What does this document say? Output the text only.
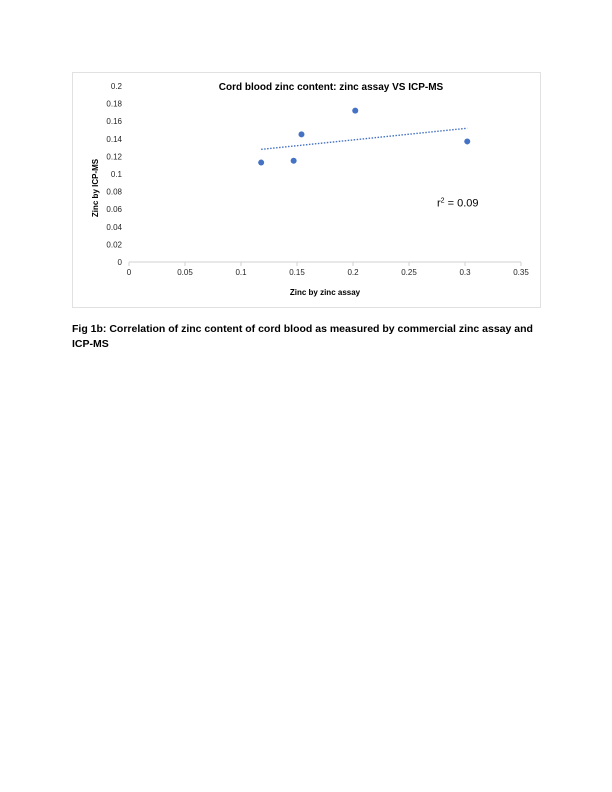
Cord blood zinc content: zinc assay VS ICP-MS
Zinc by ICP-MS
Zinc by zinc assay
0
0.02
0.04
0.06
0.08
0.1
0.12
0.14
0.16
0.18
0.2
0	0.05	0.1	0.15	0.2	0.25	0.3	0.35
$r^2 = 0.09$
Fig 1b: Correlation of zinc content of cord blood as measured by commercial zinc assay and
ICP-MS
